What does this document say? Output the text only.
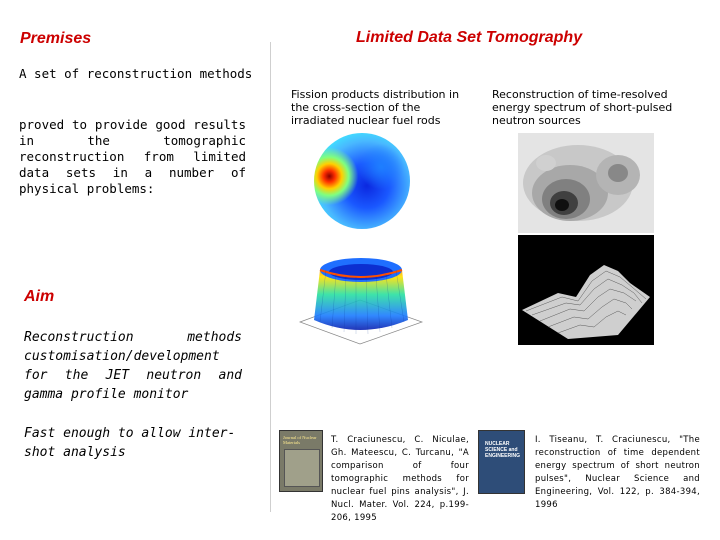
Premises
A set of reconstruction methods
proved to provide good results in the tomographic reconstruction from limited data sets in a number of physical problems:
Aim
Reconstruction methods customisation/development for the JET neutron and gamma profile monitor
Fast enough to allow inter-shot analysis
Limited Data Set Tomography
Fission products distribution in the cross-section of the irradiated nuclear fuel rods
Reconstruction of time-resolved energy spectrum of short-pulsed neutron sources
Journal of Nuclear Materials	T. Craciunescu, C. Niculae, Gh. Mateescu, C. Turcanu, "A comparison of four tomographic methods for nuclear fuel pins analysis", J. Nucl. Mater. Vol. 224, p.199-206, 1995
NUCLEAR SCIENCE and ENGINEERING
I. Tiseanu, T. Craciunescu, "The reconstruction of time dependent energy spectrum of short neutron pulses", Nuclear Science and Engineering, Vol. 122, p. 384-394, 1996
